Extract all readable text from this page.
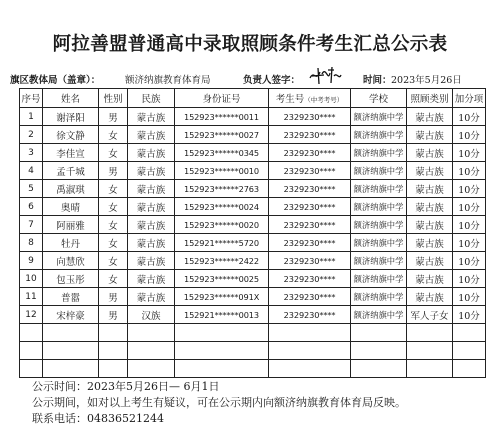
阿拉善盟普通高中录取照顾条件考生汇总公示表
旗区教体局（盖章）：	额济纳旗教育体育局	负责人签字：	时间： 2023年5月26日
序号	姓名	性别	民族	身份证号	考生号（中考考号）	学校	照顾类别	加分项
1	谢泽阳	男	蒙古族	152923******0011	2329230****	额济纳旗中学	蒙古族	10分
2	徐文静	女	蒙古族	152923******0027	2329230****	额济纳旗中学	蒙古族	10分
3	李佳宣	女	蒙古族	152923******0345	2329230****	额济纳旗中学	蒙古族	10分
4	孟千城	男	蒙古族	152923******0010	2329230****	额济纳旗中学	蒙古族	10分
5	禹淑琪	女	蒙古族	152923******2763	2329230****	额济纳旗中学	蒙古族	10分
6	奥晴	女	蒙古族	152923******0024	2329230****	额济纳旗中学	蒙古族	10分
7	阿丽雅	女	蒙古族	152923******0020	2329230****	额济纳旗中学	蒙古族	10分
8	牡丹	女	蒙古族	152921******5720	2329230****	额济纳旗中学	蒙古族	10分
9	向慧欣	女	蒙古族	152923******2422	2329230****	额济纳旗中学	蒙古族	10分
10	包玉彤	女	蒙古族	152923******0025	2329230****	额济纳旗中学	蒙古族	10分
11	普嚣	男	蒙古族	152923******091X	2329230****	额济纳旗中学	蒙古族	10分
12	宋梓豪	男	汉族	152921******0013	2329230****	额济纳旗中学	军人子女	10分

公示时间：2023年5月26日— 6月1日
公示期间，如对以上考生有疑议，可在公示期内向额济纳旗教育体育局反映。
联系电话：04836521244
